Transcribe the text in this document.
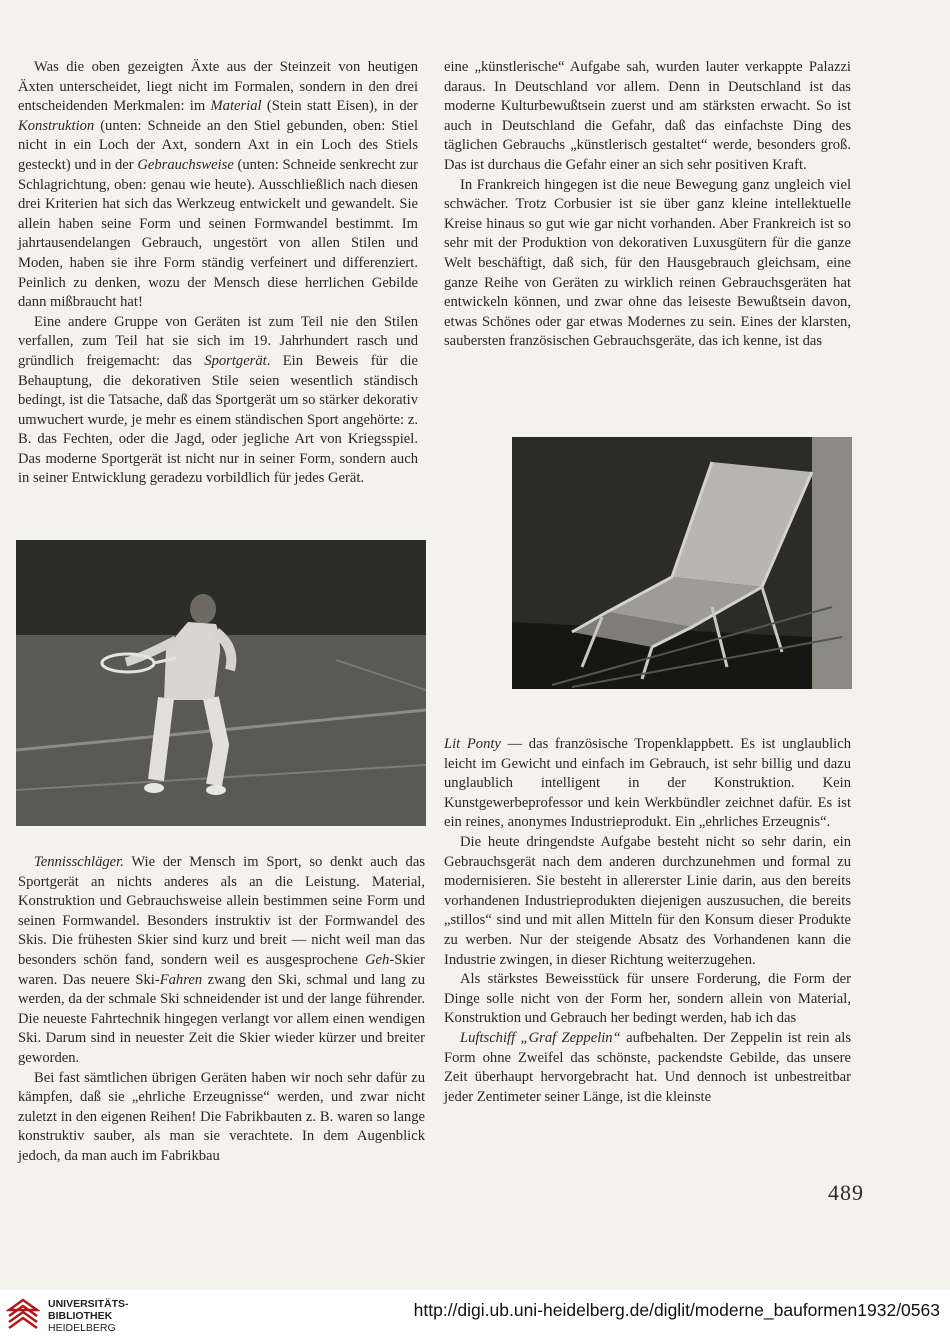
Was die oben gezeigten Äxte aus der Steinzeit von heutigen Äxten unterscheidet, liegt nicht im Formalen, sondern in den drei entscheidenden Merkmalen: im Material (Stein statt Eisen), in der Konstruktion (unten: Schneide an den Stiel gebunden, oben: Stiel nicht in ein Loch der Axt, sondern Axt in ein Loch des Stiels gesteckt) und in der Gebrauchsweise (unten: Schneide senkrecht zur Schlagrichtung, oben: genau wie heute). Ausschließlich nach diesen drei Kriterien hat sich das Werkzeug entwickelt und gewandelt. Sie allein haben seine Form und seinen Formwandel bestimmt. Im jahrtausendelangen Gebrauch, ungestört von allen Stilen und Moden, haben sie ihre Form ständig verfeinert und differenziert. Peinlich zu denken, wozu der Mensch diese herrlichen Gebilde dann mißbraucht hat!

Eine andere Gruppe von Geräten ist zum Teil nie den Stilen verfallen, zum Teil hat sie sich im 19. Jahrhundert rasch und gründlich freigemacht: das Sportgerät. Ein Beweis für die Behauptung, die dekorativen Stile seien wesentlich ständisch bedingt, ist die Tatsache, daß das Sportgerät um so stärker dekorativ umwuchert wurde, je mehr es einem ständischen Sport angehörte: z. B. das Fechten, oder die Jagd, oder jegliche Art von Kriegsspiel. Das moderne Sportgerät ist nicht nur in seiner Form, sondern auch in seiner Entwicklung geradezu vorbildlich für jedes Gerät.

eine „künstlerische“ Aufgabe sah, wurden lauter verkappte Palazzi daraus. In Deutschland vor allem. Denn in Deutschland ist das moderne Kulturbewußtsein zuerst und am stärksten erwacht. So ist auch in Deutschland die Gefahr, daß das einfachste Ding des täglichen Gebrauchs „künstlerisch gestaltet“ werde, besonders groß. Das ist durchaus die Gefahr einer an sich sehr positiven Kraft.

In Frankreich hingegen ist die neue Bewegung ganz ungleich viel schwächer. Trotz Corbusier ist sie über ganz kleine intellektuelle Kreise hinaus so gut wie gar nicht vorhanden. Aber Frankreich ist so sehr mit der Produktion von dekorativen Luxusgütern für die ganze Welt beschäftigt, daß sich, für den Hausgebrauch gleichsam, eine ganze Reihe von Geräten zu wirklich reinen Gebrauchsgeräten hat entwickeln können, und zwar ohne das leiseste Bewußtsein davon, etwas Schönes oder gar etwas Modernes zu sein. Eines der klarsten, saubersten französischen Gebrauchsgeräte, das ich kenne, ist das

Tennisschläger. Wie der Mensch im Sport, so denkt auch das Sportgerät an nichts anderes als an die Leistung. Material, Konstruktion und Gebrauchsweise allein bestimmen seine Form und seinen Formwandel. Besonders instruktiv ist der Formwandel des Skis. Die frühesten Skier sind kurz und breit — nicht weil man das besonders schön fand, sondern weil es ausgesprochene Geh-Skier waren. Das neuere Ski-Fahren zwang den Ski, schmal und lang zu werden, da der schmale Ski schneidender ist und der lange führender. Die neueste Fahrtechnik hingegen verlangt vor allem einen wendigen Ski. Darum sind in neuester Zeit die Skier wieder kürzer und breiter geworden.

Bei fast sämtlichen übrigen Geräten haben wir noch sehr dafür zu kämpfen, daß sie „ehrliche Erzeugnisse“ werden, und zwar nicht zuletzt in den eigenen Reihen! Die Fabrikbauten z. B. waren so lange konstruktiv sauber, als man sie verachtete. In dem Augenblick jedoch, da man auch im Fabrikbau

Lit Ponty — das französische Tropenklappbett. Es ist unglaublich leicht im Gewicht und einfach im Gebrauch, ist sehr billig und dazu unglaublich intelligent in der Konstruktion. Kein Kunstgewerbeprofessor und kein Werkbündler zeichnet dafür. Es ist ein reines, anonymes Industrieprodukt. Ein „ehrliches Erzeugnis“.

Die heute dringendste Aufgabe besteht nicht so sehr darin, ein Gebrauchsgerät nach dem anderen durchzunehmen und formal zu modernisieren. Sie besteht in allererster Linie darin, aus den bereits vorhandenen Industrieprodukten diejenigen auszusuchen, die bereits „stillos“ sind und mit allen Mitteln für den Konsum dieser Produkte zu werben. Nur der steigende Absatz des Vorhandenen kann die Industrie zwingen, in dieser Richtung weiterzugehen.

Als stärkstes Beweisstück für unsere Forderung, die Form der Dinge solle nicht von der Form her, sondern allein von Material, Konstruktion und Gebrauch her bedingt werden, hab ich das

Luftschiff „Graf Zeppelin“ aufbehalten. Der Zeppelin ist rein als Form ohne Zweifel das schönste, packendste Gebilde, das unsere Zeit überhaupt hervorgebracht hat. Und dennoch ist unbestreitbar jeder Zentimeter seiner Länge, ist die kleinste

489
UNIVERSITÄTS-
BIBLIOTHEK
HEIDELBERG
http://digi.ub.uni-heidelberg.de/diglit/moderne_bauformen1932/0563
